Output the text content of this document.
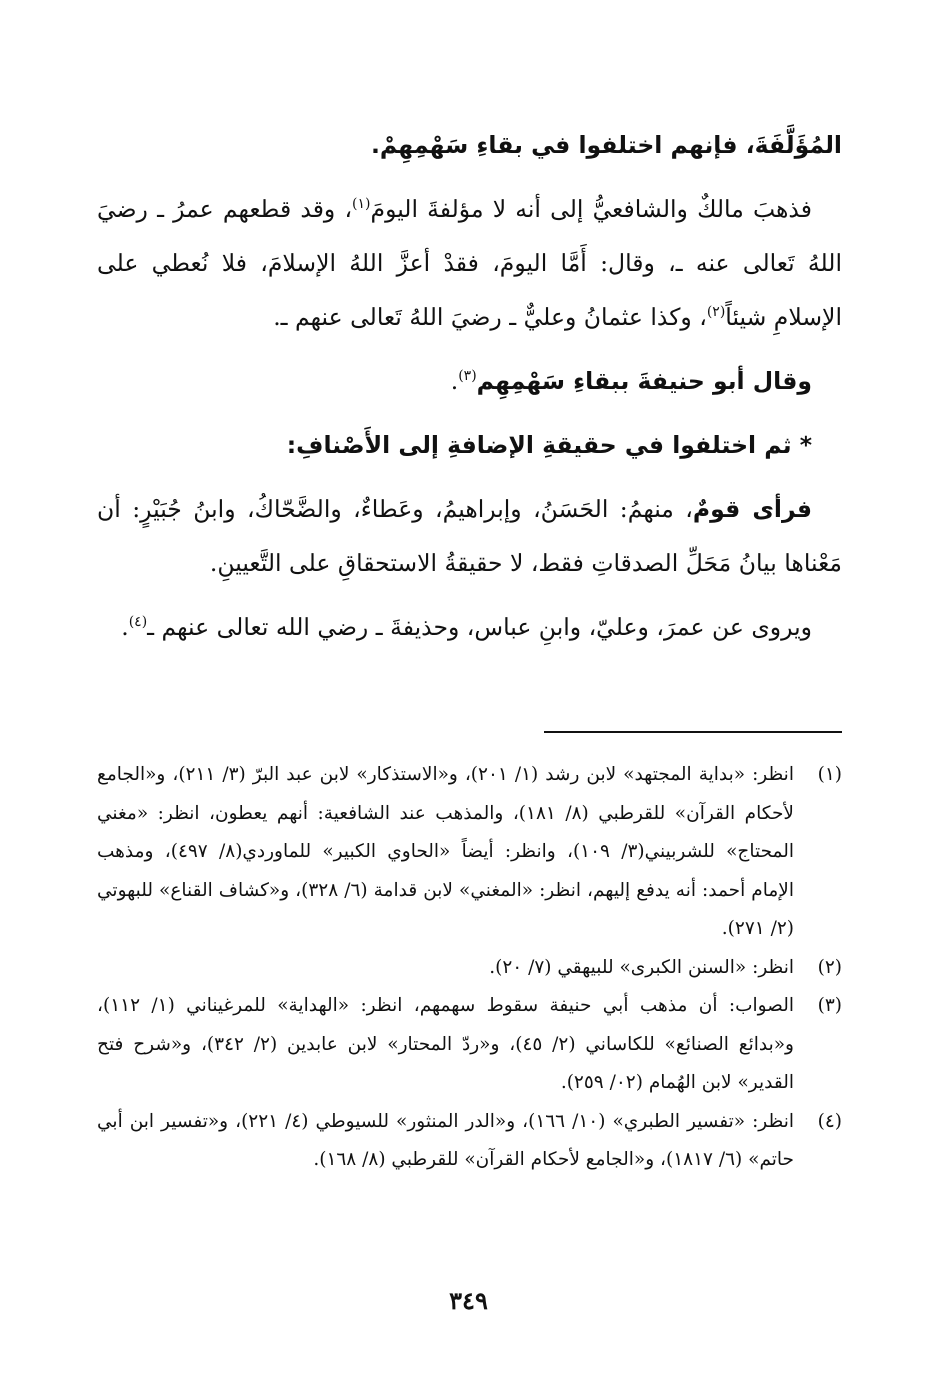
المُؤَلَّفَةَ، فإنهم اختلفوا في بقاءِ سَهْمِهِمْ.

فذهبَ مالكٌ والشافعيُّ إلى أنه لا مؤلفةَ اليومَ$^{(١)}$، وقد قطعهم عمرُ ـ رضيَ اللهُ تَعالى عنه ـ، وقال: أَمَّا اليومَ، فقدْ أعزَّ اللهُ الإسلامَ، فلا نُعطي على الإسلامِ شيئاً$^{(٢)}$، وكذا عثمانُ وعليٌّ ـ رضيَ اللهُ تَعالى عنهم ـ.

وقال أبو حنيفةَ ببقاءِ سَهْمِهِم$^{(٣)}$.

* ثم اختلفوا في حقيقةِ الإضافةِ إلى الأَصْنافِ:

فرأى قومٌ، منهمُ: الحَسَنُ، وإبراهيمُ، وعَطاءٌ، والضَّحّاكُ، وابنُ جُبَيْرٍ: أن مَعْناها بيانُ مَحَلِّ الصدقاتِ فقط، لا حقيقةُ الاستحقاقِ على التَّعيينِ.

ويروى عن عمرَ، وعليّ، وابنِ عباس، وحذيفةَ ـ رضي الله تعالى عنهم ـ$^{(٤)}$.

(١)
انظر: «بداية المجتهد» لابن رشد (١/ ٢٠١)، و«الاستذكار» لابن عبد البرّ (٣/ ٢١١)، و«الجامع لأحكام القرآن» للقرطبي (٨/ ١٨١)، والمذهب عند الشافعية: أنهم يعطون، انظر: «مغني المحتاج» للشربيني(٣/ ١٠٩)، وانظر: أيضاً «الحاوي الكبير» للماوردي(٨/ ٤٩٧)، ومذهب الإمام أحمد: أنه يدفع إليهم، انظر: «المغني» لابن قدامة (٦/ ٣٢٨)، و«كشاف القناع» للبهوتي (٢/ ٢٧١).
(٢)
انظر: «السنن الكبرى» للبيهقي (٧/ ٢٠).
(٣)
الصواب: أن مذهب أبي حنيفة سقوط سهمهم، انظر: «الهداية» للمرغيناني (١/ ١١٢)، و«بدائع الصنائع» للكاساني (٢/ ٤٥)، و«ردّ المحتار» لابن عابدين (٢/ ٣٤٢)، و«شرح فتح القدير» لابن الهُمام (٠٢/ ٢٥٩).
(٤)
انظر: «تفسير الطبري» (١٠/ ١٦٦)، و«الدر المنثور» للسيوطي (٤/ ٢٢١)، و«تفسير ابن أبي حاتم» (٦/ ١٨١٧)، و«الجامع لأحكام القرآن» للقرطبي (٨/ ١٦٨).
٣٤٩
